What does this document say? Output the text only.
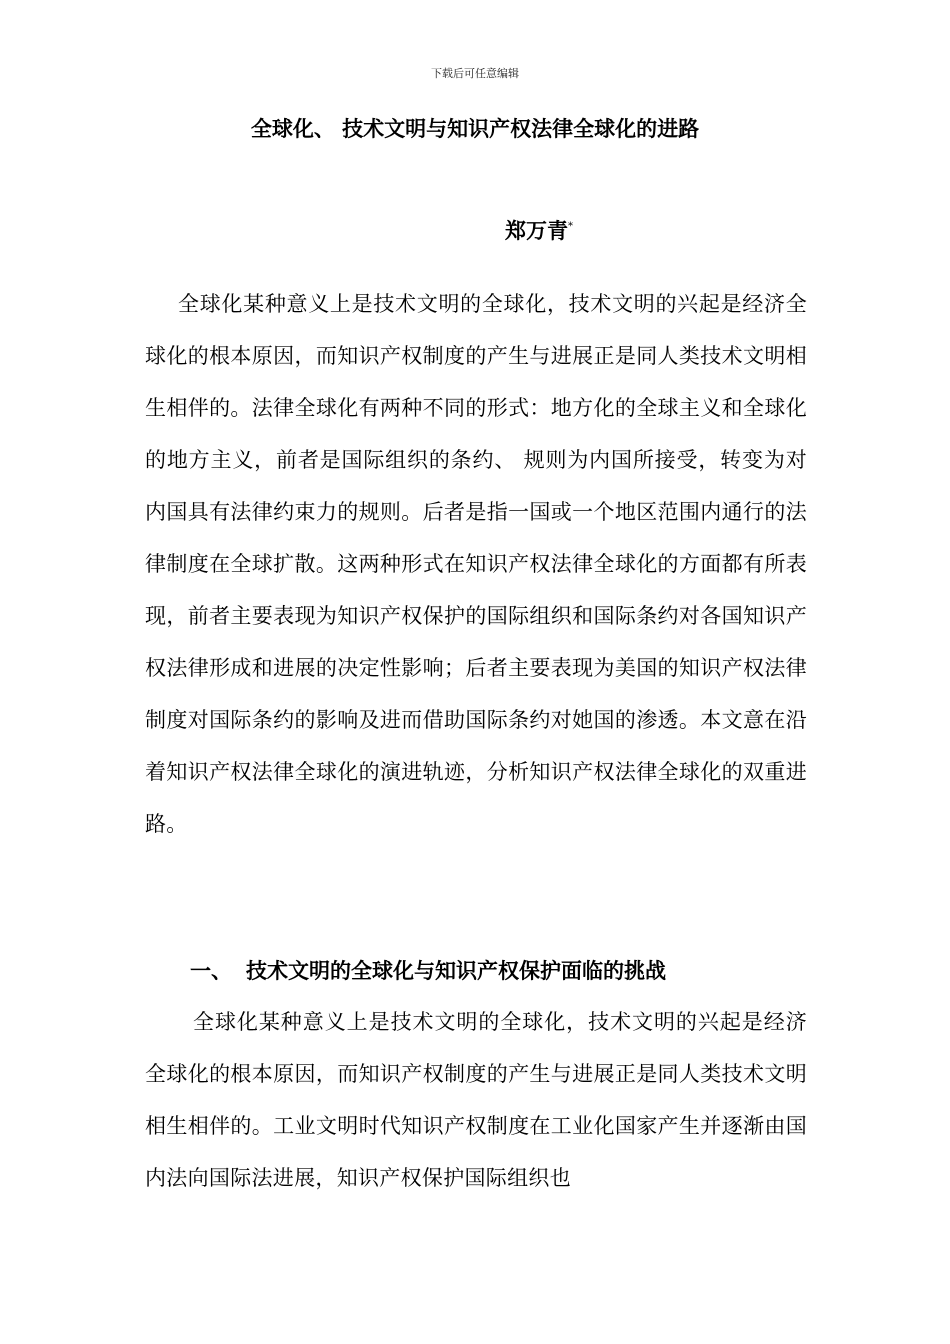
下载后可任意编辑
全球化、 技术文明与知识产权法律全球化的进路
郑万青*

全球化某种意义上是技术文明的全球化，技术文明的兴起是经济全球化的根本原因，而知识产权制度的产生与进展正是同人类技术文明相生相伴的。法律全球化有两种不同的形式：地方化的全球主义和全球化的地方主义，前者是国际组织的条约、 规则为内国所接受，转变为对内国具有法律约束力的规则。后者是指一国或一个地区范围内通行的法律制度在全球扩散。这两种形式在知识产权法律全球化的方面都有所表现，前者主要表现为知识产权保护的国际组织和国际条约对各国知识产权法律形成和进展的决定性影响；后者主要表现为美国的知识产权法律制度对国际条约的影响及进而借助国际条约对她国的渗透。本文意在沿着知识产权法律全球化的演进轨迹，分析知识产权法律全球化的双重进路。

一、 技术文明的全球化与知识产权保护面临的挑战

全球化某种意义上是技术文明的全球化，技术文明的兴起是经济全球化的根本原因，而知识产权制度的产生与进展正是同人类技术文明相生相伴的。工业文明时代知识产权制度在工业化国家产生并逐渐由国内法向国际法进展，知识产权保护国际组织也
